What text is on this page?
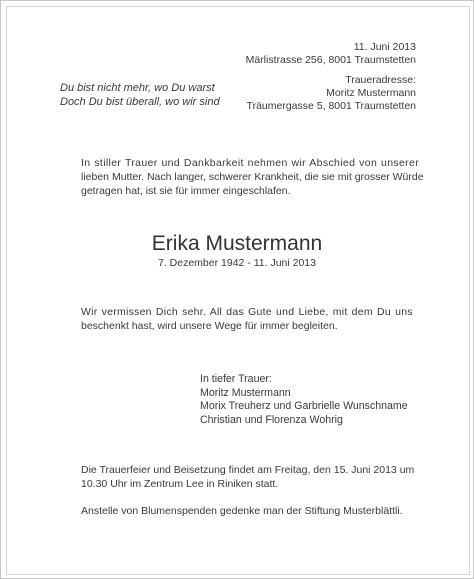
11. Juni 2013

Märlistrasse 256, 8001 Traumstetten

Traueradresse:

Moritz Mustermann

Träumergasse 5, 8001 Traumstetten

Du bist nicht mehr, wo Du warst

Doch Du bist überall, wo wir sind

In stiller Trauer und Dankbarkeit nehmen wir Abschied von unserer

lieben Mutter. Nach langer, schwerer Krankheit, die sie mit grosser Würde

getragen hat, ist sie für immer eingeschlafen.

Erika Mustermann

7. Dezember 1942 - 11. Juni 2013

Wir vermissen Dich sehr. All das Gute und Liebe, mit dem Du uns

beschenkt hast, wird unsere Wege für immer begleiten.

In tiefer Trauer:

Moritz Mustermann

Morix Treuherz und Garbrielle Wunschname

Christian und Florenza Wohrig

Die Trauerfeier und Beisetzung findet am Freitag, den 15. Juni 2013 um

10.30 Uhr im Zentrum Lee in Riniken statt.

Anstelle von Blumenspenden gedenke man der Stiftung Musterblättli.
